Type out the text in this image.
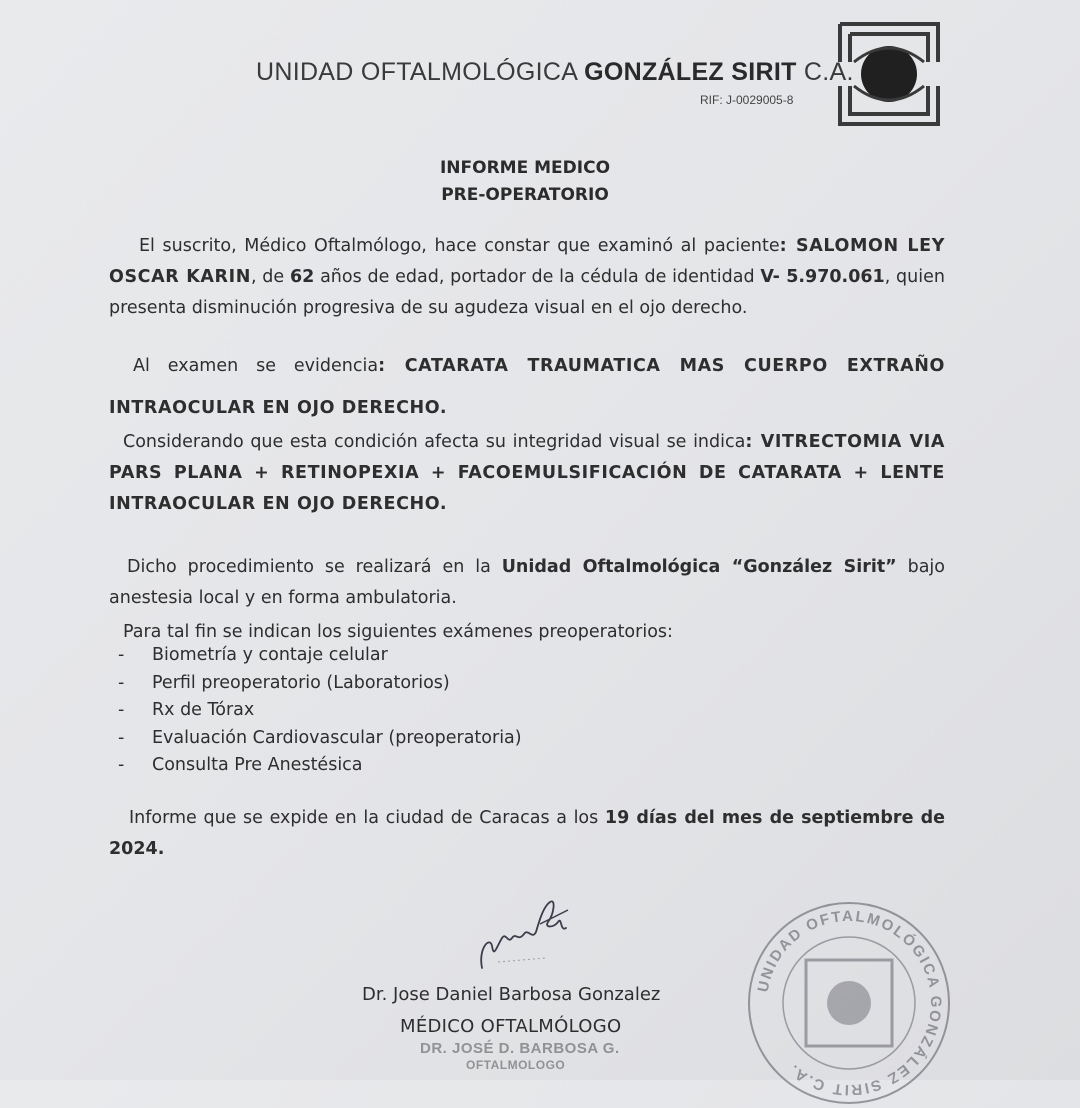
UNIDAD OFTALMOLÓGICA GONZÁLEZ SIRIT C.A.
RIF: J-0029005-8
INFORME MEDICO
PRE-OPERATORIO
El suscrito, Médico Oftalmólogo, hace constar que examinó al paciente: SALOMON LEY OSCAR KARIN, de 62 años de edad, portador de la cédula de identidad V- 5.970.061, quien presenta disminución progresiva de su agudeza visual en el ojo derecho.
Al examen se evidencia: CATARATA TRAUMATICA MAS CUERPO EXTRAÑO INTRAOCULAR EN OJO DERECHO.
Considerando que esta condición afecta su integridad visual se indica: VITRECTOMIA VIA PARS PLANA + RETINOPEXIA + FACOEMULSIFICACIÓN DE CATARATA + LENTE INTRAOCULAR EN OJO DERECHO.
Dicho procedimiento se realizará en la Unidad Oftalmológica “González Sirit” bajo anestesia local y en forma ambulatoria.
Para tal fin se indican los siguientes exámenes preoperatorios:
-	Biometría y contaje celular
-	Perfil preoperatorio (Laboratorios)
-	Rx de Tórax
-	Evaluación Cardiovascular (preoperatoria)
-	Consulta Pre Anestésica
Informe que se expide en la ciudad de Caracas a los 19 días del mes de septiembre de 2024.
Dr. Jose Daniel Barbosa Gonzalez
MÉDICO OFTALMÓLOGO
DR. JOSÉ D. BARBOSA G.
OFTALMOLOGO
UNIDAD OFTALMOLÓGICA GONZÁLEZ SIRIT C.A.
